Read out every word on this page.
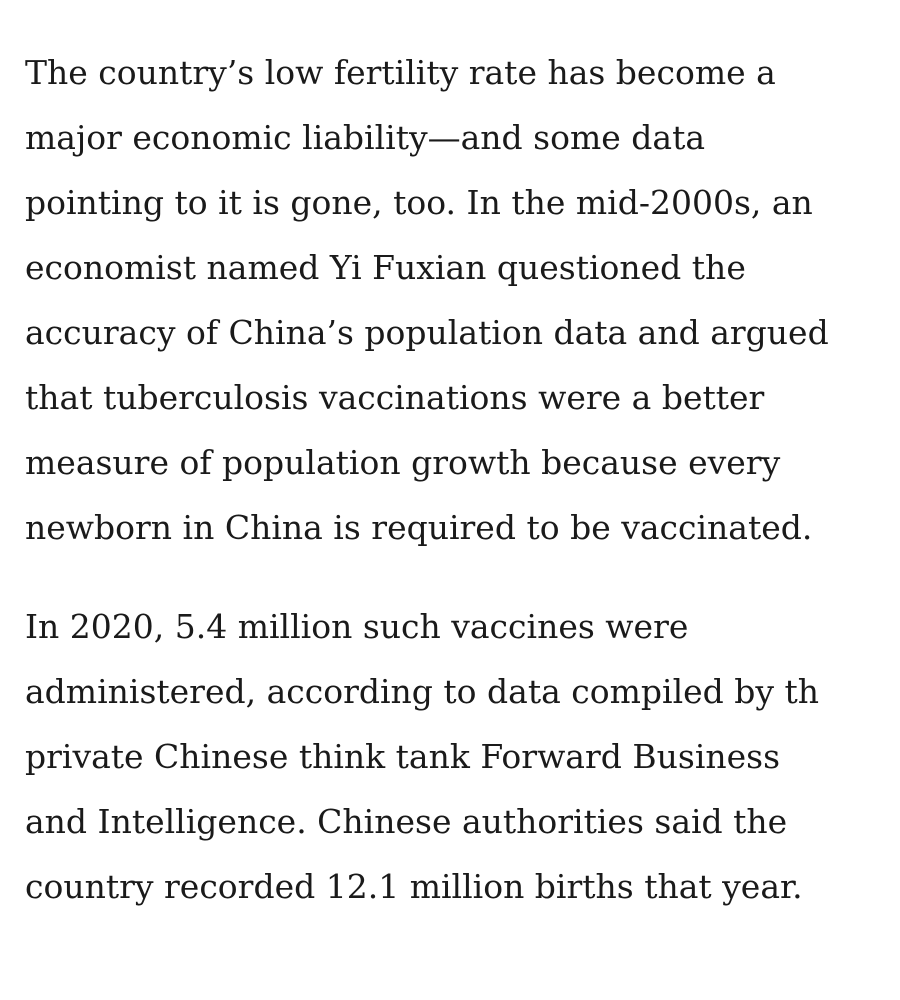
The country’s low fertility rate has become a
major economic liability—and some data
pointing to it is gone, too. In the mid-2000s, an
economist named Yi Fuxian questioned the
accuracy of China’s population data and argued
that tuberculosis vaccinations were a better
measure of population growth because every
newborn in China is required to be vaccinated.

In 2020, 5.4 million such vaccines were
administered, according to data compiled by th
private Chinese think tank Forward Business
and Intelligence. Chinese authorities said the
country recorded 12.1 million births that year.
